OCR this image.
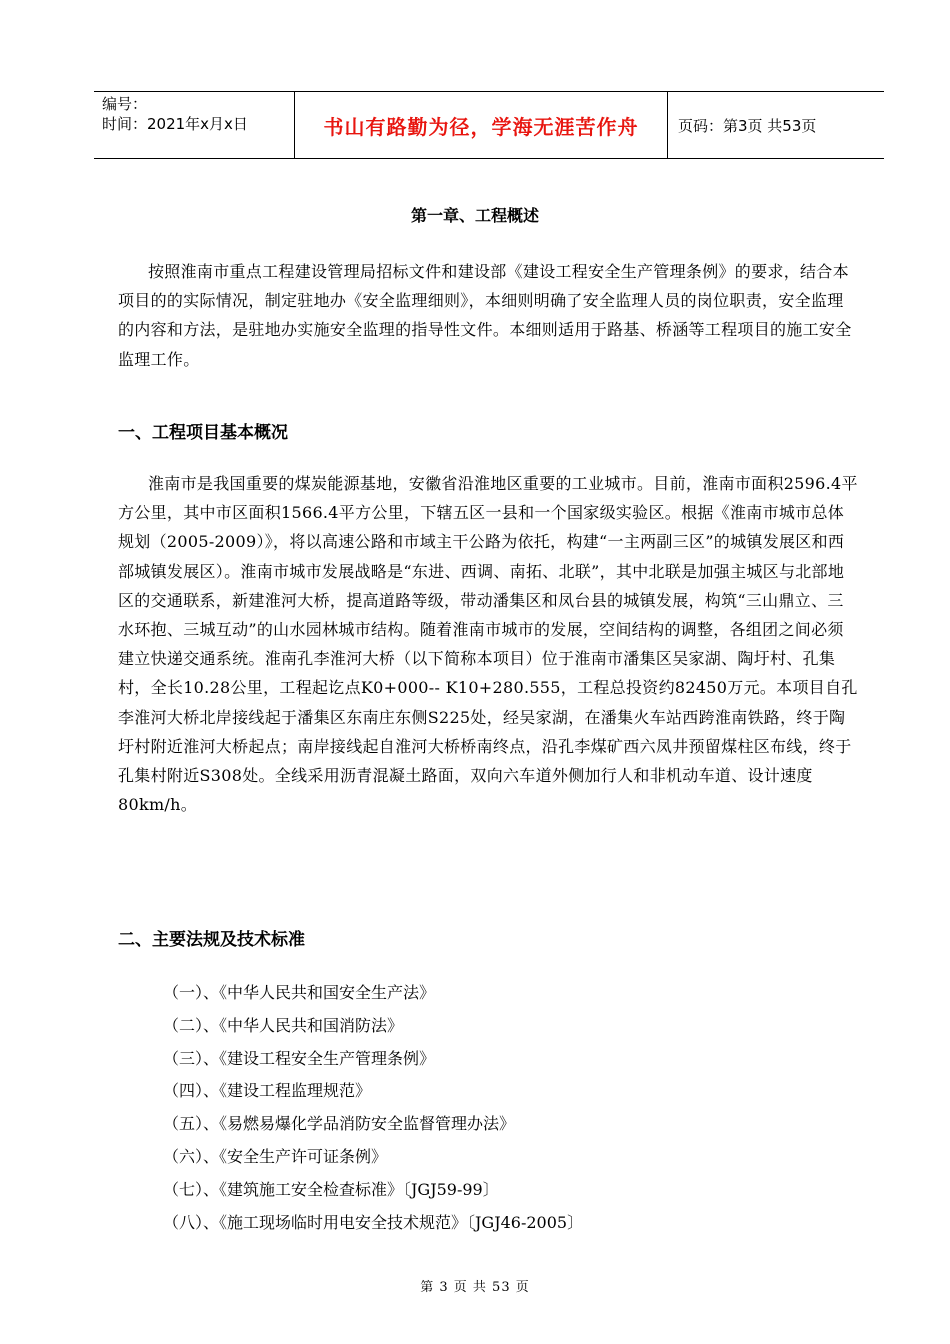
编号：
时间：2021年x月x日	书山有路勤为径，学海无涯苦作舟	页码：第3页 共53页
第一章、工程概述

按照淮南市重点工程建设管理局招标文件和建设部《建设工程安全生产管理条例》的要求，结合本项目的的实际情况，制定驻地办《安全监理细则》，本细则明确了安全监理人员的岗位职责，安全监理的内容和方法，是驻地办实施安全监理的指导性文件。本细则适用于路基、桥涵等工程项目的施工安全监理工作。

一、工程项目基本概况

淮南市是我国重要的煤炭能源基地，安徽省沿淮地区重要的工业城市。目前，淮南市面积2596.4平方公里，其中市区面积1566.4平方公里，下辖五区一县和一个国家级实验区。根据《淮南市城市总体规划（2005-2009）》，将以高速公路和市域主干公路为依托，构建“一主两副三区”的城镇发展区和西部城镇发展区）。淮南市城市发展战略是“东进、西调、南拓、北联”，其中北联是加强主城区与北部地区的交通联系，新建淮河大桥，提高道路等级，带动潘集区和凤台县的城镇发展，构筑“三山鼎立、三水环抱、三城互动”的山水园林城市结构。随着淮南市城市的发展，空间结构的调整，各组团之间必须建立快递交通系统。淮南孔李淮河大桥（以下简称本项目）位于淮南市潘集区吴家湖、陶圩村、孔集村，全长10.28公里，工程起讫点K0+000-- K10+280.555，工程总投资约82450万元。本项目自孔李淮河大桥北岸接线起于潘集区东南庄东侧S225处，经吴家湖，在潘集火车站西跨淮南铁路，终于陶圩村附近淮河大桥起点；南岸接线起自淮河大桥桥南终点，沿孔李煤矿西六凤井预留煤柱区布线，终于孔集村附近S308处。全线采用沥青混凝土路面，双向六车道外侧加行人和非机动车道、设计速度80km/h。

二、主要法规及技术标准
（一）、《中华人民共和国安全生产法》
（二）、《中华人民共和国消防法》
（三）、《建设工程安全生产管理条例》
（四）、《建设工程监理规范》
（五）、《易燃易爆化学品消防安全监督管理办法》
（六）、《安全生产许可证条例》
（七）、《建筑施工安全检查标准》〔JGJ59-99〕
（八）、《施工现场临时用电安全技术规范》〔JGJ46-2005〕
第 3 页 共 53 页
